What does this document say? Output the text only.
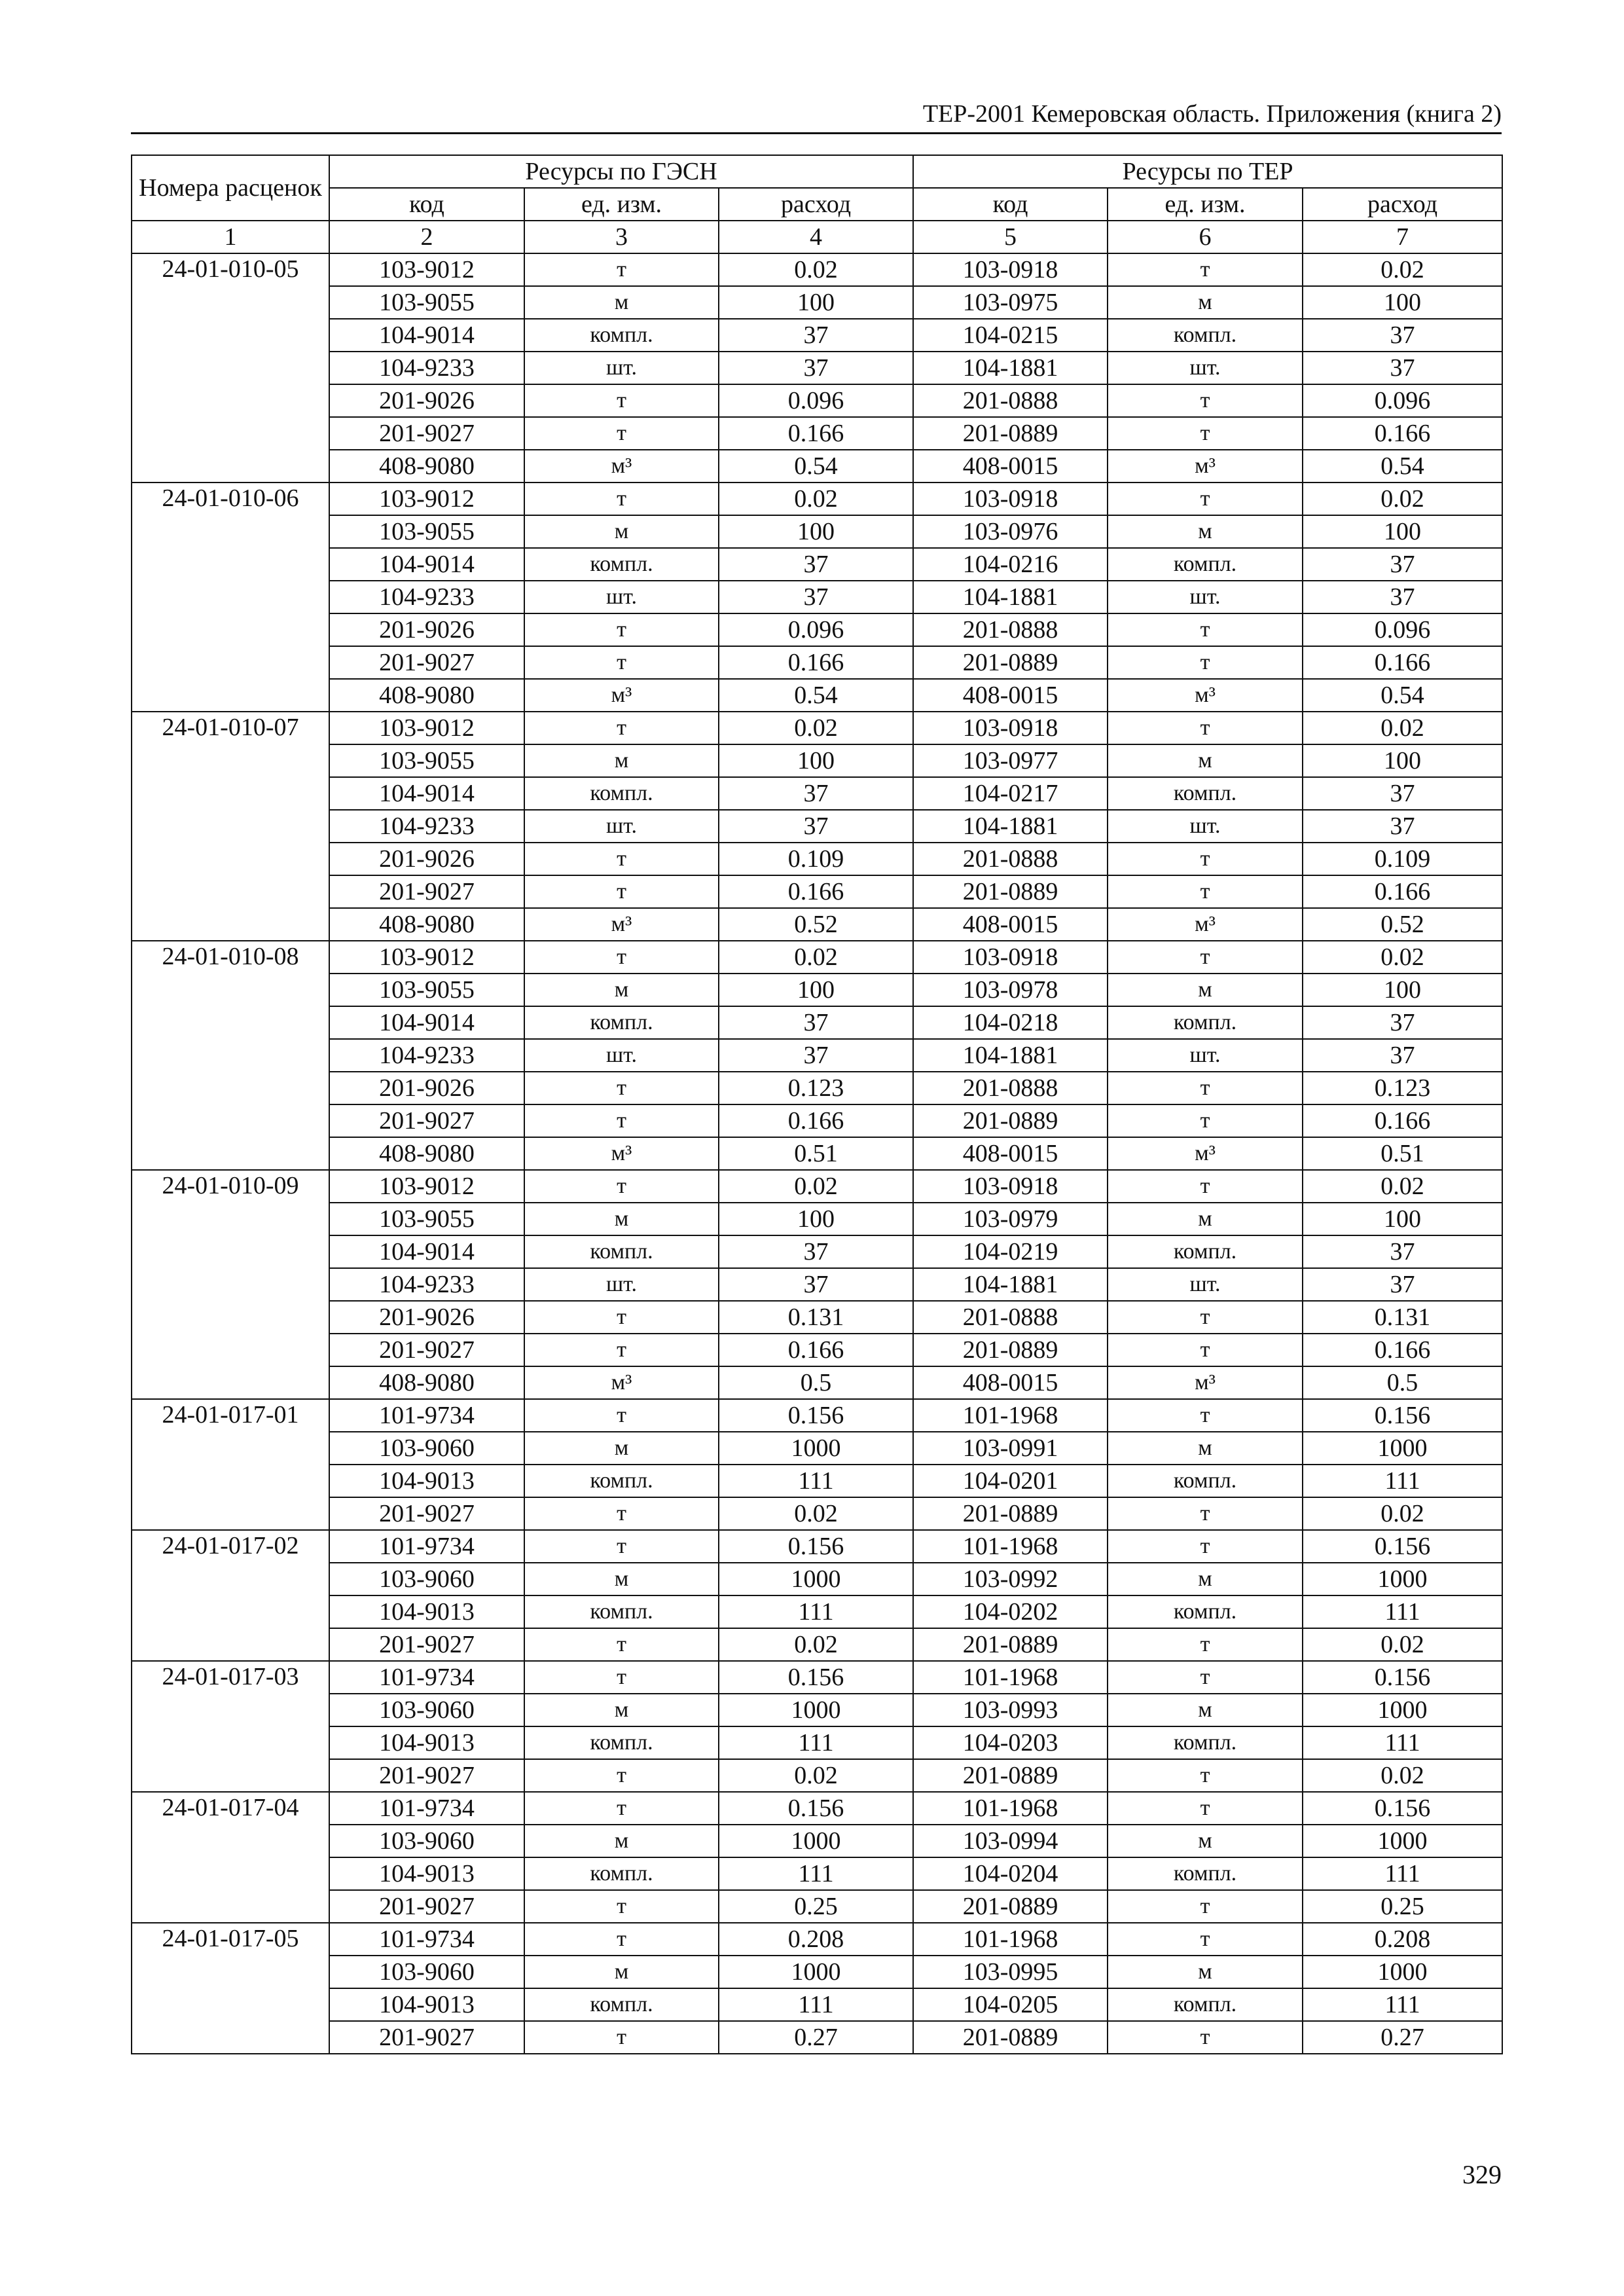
ТЕР-2001 Кемеровская область. Приложения (книга 2)
Номера расценок	Ресурсы по ГЭСН			Ресурсы по ТЕР		
	код	ед. изм.	расход	код	ед. изм.	расход
1	2	3	4	5	6	7
24-01-010-05	103-9012	т	0.02	103-0918	т	0.02
	103-9055	м	100	103-0975	м	100
	104-9014	компл.	37	104-0215	компл.	37
	104-9233	шт.	37	104-1881	шт.	37
	201-9026	т	0.096	201-0888	т	0.096
	201-9027	т	0.166	201-0889	т	0.166
	408-9080	м³	0.54	408-0015	м³	0.54
24-01-010-06	103-9012	т	0.02	103-0918	т	0.02
	103-9055	м	100	103-0976	м	100
	104-9014	компл.	37	104-0216	компл.	37
	104-9233	шт.	37	104-1881	шт.	37
	201-9026	т	0.096	201-0888	т	0.096
	201-9027	т	0.166	201-0889	т	0.166
	408-9080	м³	0.54	408-0015	м³	0.54
24-01-010-07	103-9012	т	0.02	103-0918	т	0.02
	103-9055	м	100	103-0977	м	100
	104-9014	компл.	37	104-0217	компл.	37
	104-9233	шт.	37	104-1881	шт.	37
	201-9026	т	0.109	201-0888	т	0.109
	201-9027	т	0.166	201-0889	т	0.166
	408-9080	м³	0.52	408-0015	м³	0.52
24-01-010-08	103-9012	т	0.02	103-0918	т	0.02
	103-9055	м	100	103-0978	м	100
	104-9014	компл.	37	104-0218	компл.	37
	104-9233	шт.	37	104-1881	шт.	37
	201-9026	т	0.123	201-0888	т	0.123
	201-9027	т	0.166	201-0889	т	0.166
	408-9080	м³	0.51	408-0015	м³	0.51
24-01-010-09	103-9012	т	0.02	103-0918	т	0.02
	103-9055	м	100	103-0979	м	100
	104-9014	компл.	37	104-0219	компл.	37
	104-9233	шт.	37	104-1881	шт.	37
	201-9026	т	0.131	201-0888	т	0.131
	201-9027	т	0.166	201-0889	т	0.166
	408-9080	м³	0.5	408-0015	м³	0.5
24-01-017-01	101-9734	т	0.156	101-1968	т	0.156
	103-9060	м	1000	103-0991	м	1000
	104-9013	компл.	111	104-0201	компл.	111
	201-9027	т	0.02	201-0889	т	0.02
24-01-017-02	101-9734	т	0.156	101-1968	т	0.156
	103-9060	м	1000	103-0992	м	1000
	104-9013	компл.	111	104-0202	компл.	111
	201-9027	т	0.02	201-0889	т	0.02
24-01-017-03	101-9734	т	0.156	101-1968	т	0.156
	103-9060	м	1000	103-0993	м	1000
	104-9013	компл.	111	104-0203	компл.	111
	201-9027	т	0.02	201-0889	т	0.02
24-01-017-04	101-9734	т	0.156	101-1968	т	0.156
	103-9060	м	1000	103-0994	м	1000
	104-9013	компл.	111	104-0204	компл.	111
	201-9027	т	0.25	201-0889	т	0.25
24-01-017-05	101-9734	т	0.208	101-1968	т	0.208
	103-9060	м	1000	103-0995	м	1000
	104-9013	компл.	111	104-0205	компл.	111
	201-9027	т	0.27	201-0889	т	0.27
329
